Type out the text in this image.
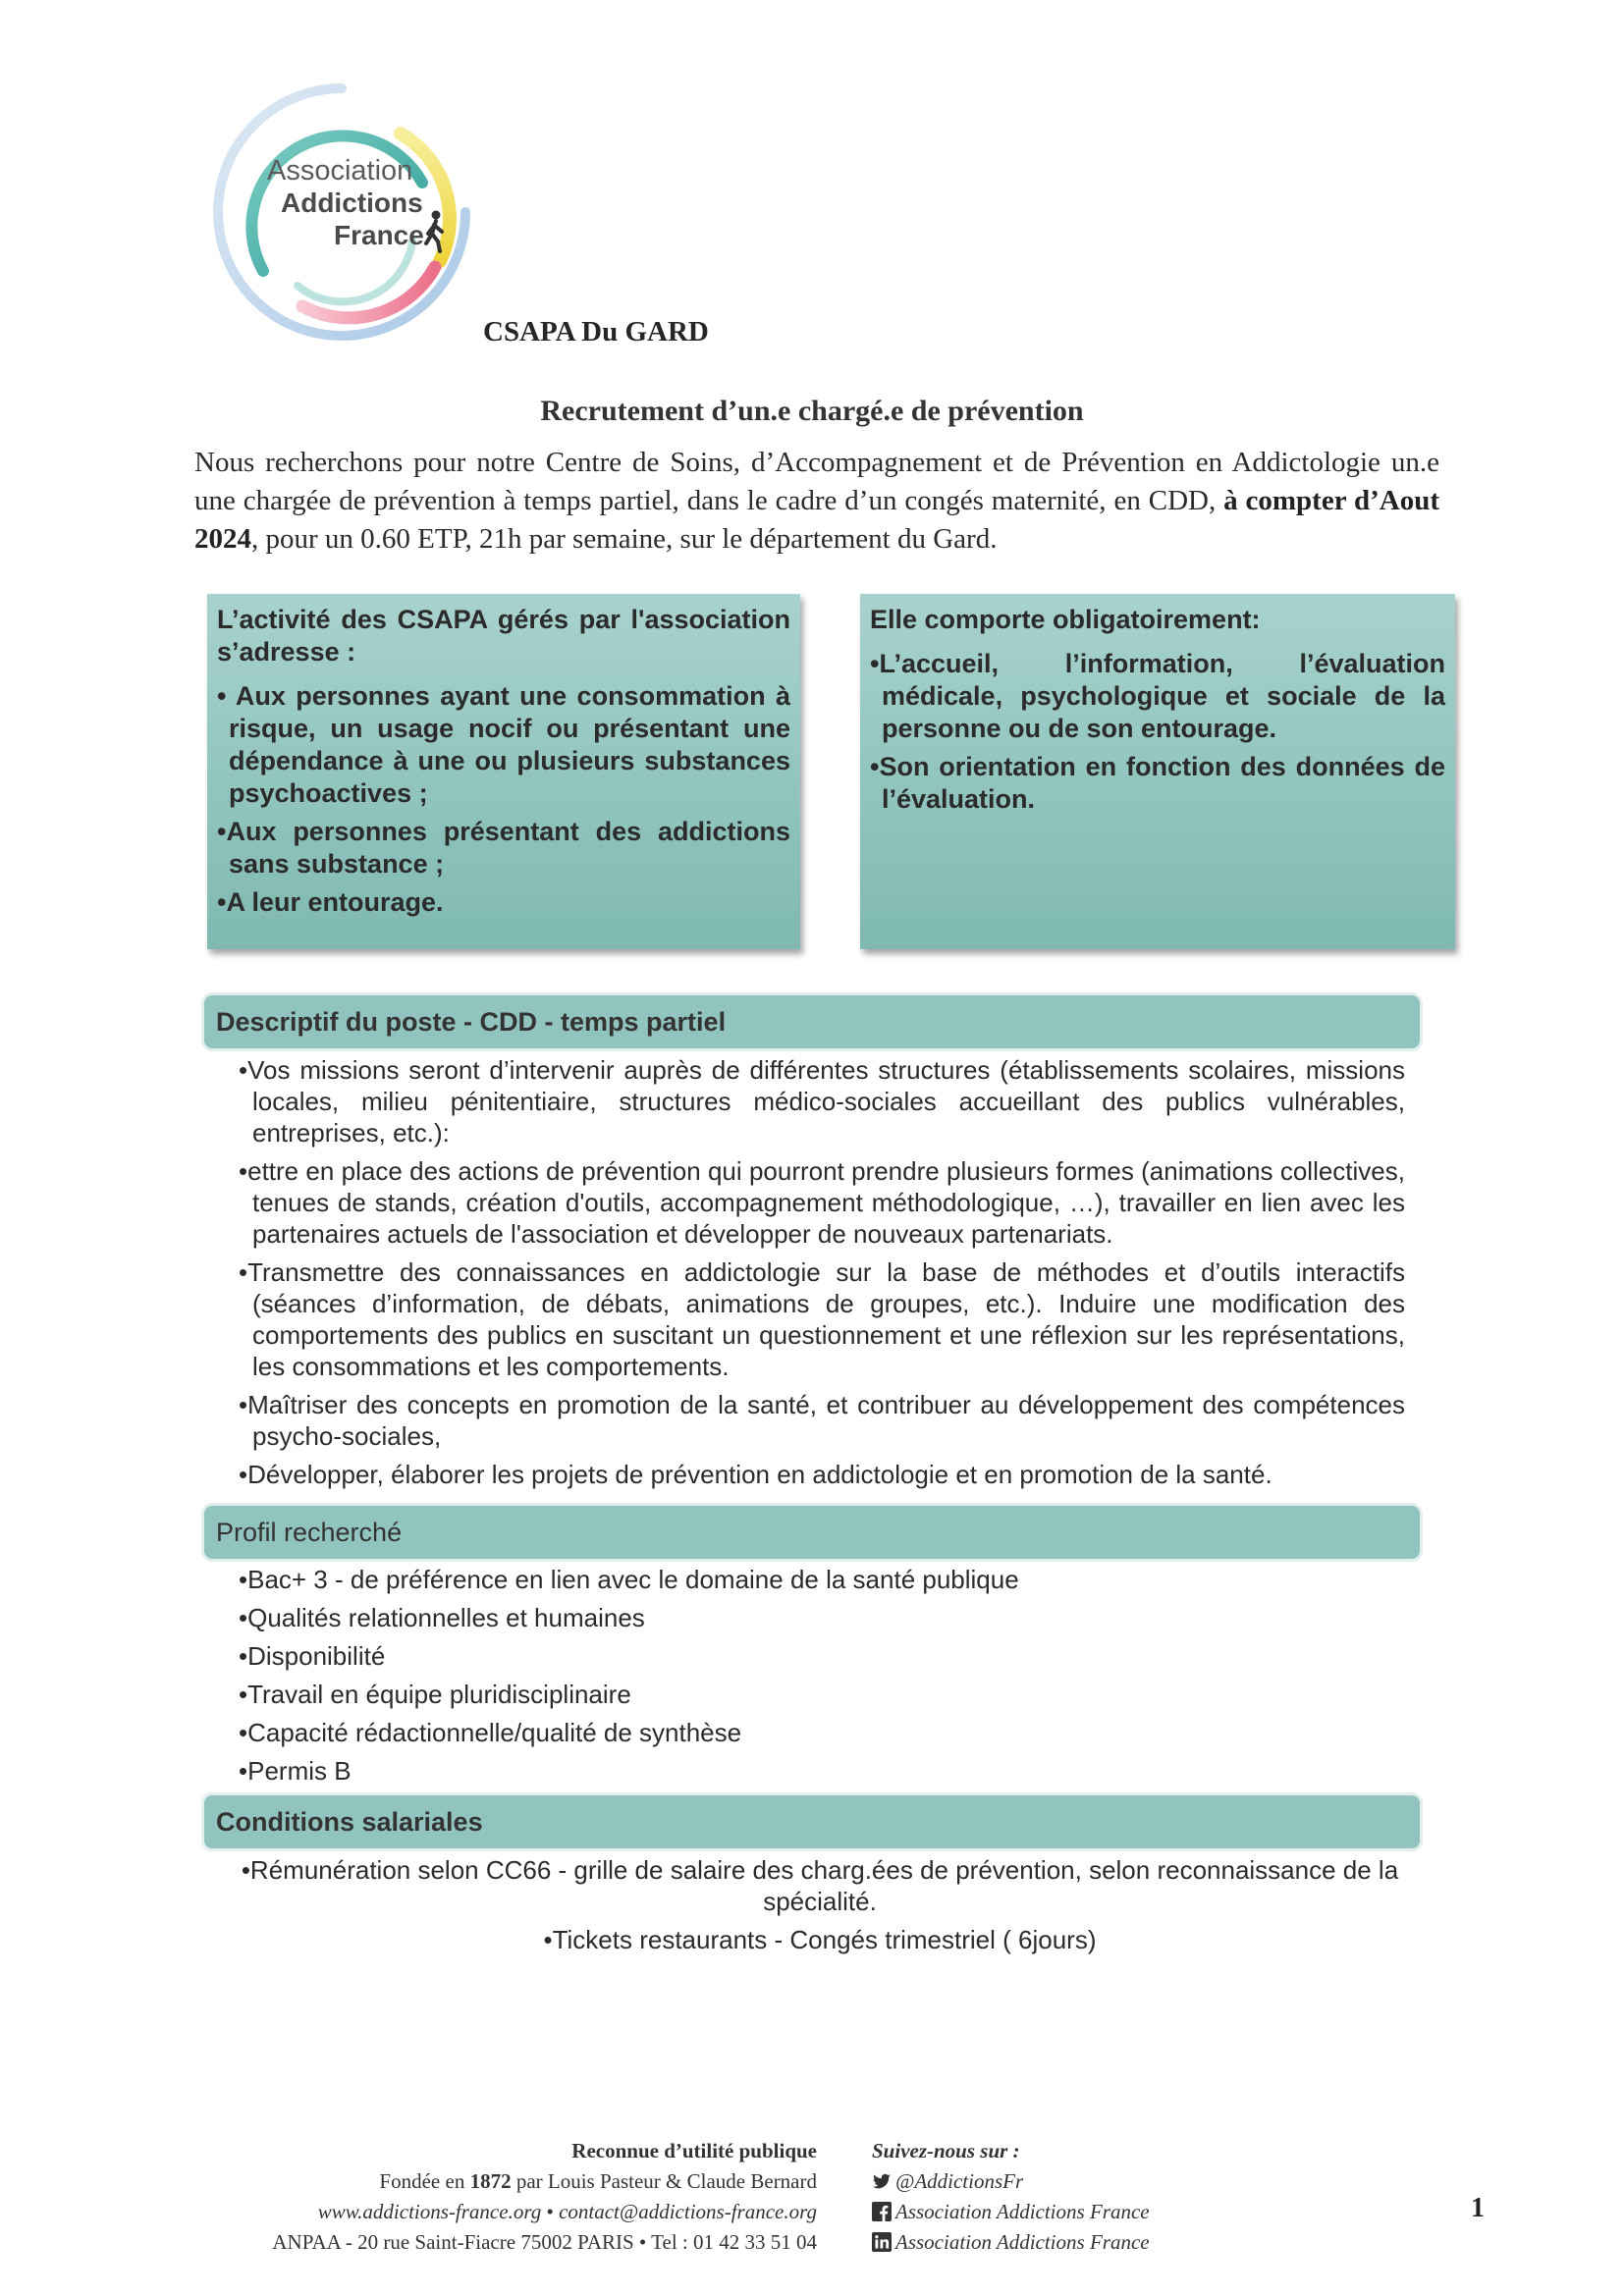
Association
Addictions
France
CSAPA Du GARD
Recrutement d’un.e chargé.e de prévention

Nous recherchons pour notre Centre de Soins, d’Accompagnement et de Prévention en Addictologie un.e une chargée de prévention à temps partiel, dans le cadre d’un congés maternité, en CDD, à compter d’Aout 2024, pour un 0.60 ETP, 21h par semaine, sur le département du Gard.

L’activité des CSAPA gérés par l'association s’adresse :

• Aux personnes ayant une consommation à risque, un usage nocif ou présentant une dépendance à une ou plusieurs substances psychoactives ;

•Aux personnes présentant des addictions sans substance ;

•A leur entourage.

Elle comporte obligatoirement:

•L’accueil, l’information, l’évaluation médicale, psychologique et sociale de la personne ou de son entourage.

•Son orientation en fonction des données de l’évaluation.

Descriptif du poste - CDD - temps partiel
•Vos missions seront d’intervenir auprès de différentes structures (établissements scolaires, missions locales, milieu pénitentiaire, structures médico-sociales accueillant des publics vulnérables, entreprises, etc.):
•ettre en place des actions de prévention qui pourront prendre plusieurs formes (animations collectives, tenues de stands, création d'outils, accompagnement méthodologique, …), travailler en lien avec les partenaires actuels de l'association et développer de nouveaux partenariats.
•Transmettre des connaissances en addictologie sur la base de méthodes et d’outils interactifs (séances d’information, de débats, animations de groupes, etc.). Induire une modification des comportements des publics en suscitant un questionnement et une réflexion sur les représentations, les consommations et les comportements.
•Maîtriser des concepts en promotion de la santé, et contribuer au développement des compétences psycho-sociales,
•Développer, élaborer les projets de prévention en addictologie et en promotion de la santé.
Profil recherché
•Bac+ 3 - de préférence en lien avec le domaine de la santé publique
•Qualités relationnelles et humaines
•Disponibilité
•Travail en équipe pluridisciplinaire
•Capacité rédactionnelle/qualité de synthèse
•Permis B
Conditions salariales
•Rémunération selon CC66 - grille de salaire des charg.ées de prévention, selon reconnaissance de la spécialité.
•Tickets restaurants - Congés trimestriel ( 6jours)
Reconnue d’utilité publique
Fondée en 1872 par Louis Pasteur & Claude Bernard
www.addictions-france.org • contact@addictions-france.org
ANPAA - 20 rue Saint-Fiacre 75002 PARIS • Tel : 01 42 33 51 04
Suivez-nous sur :
@AddictionsFr
Association Addictions France
Association Addictions France
1
